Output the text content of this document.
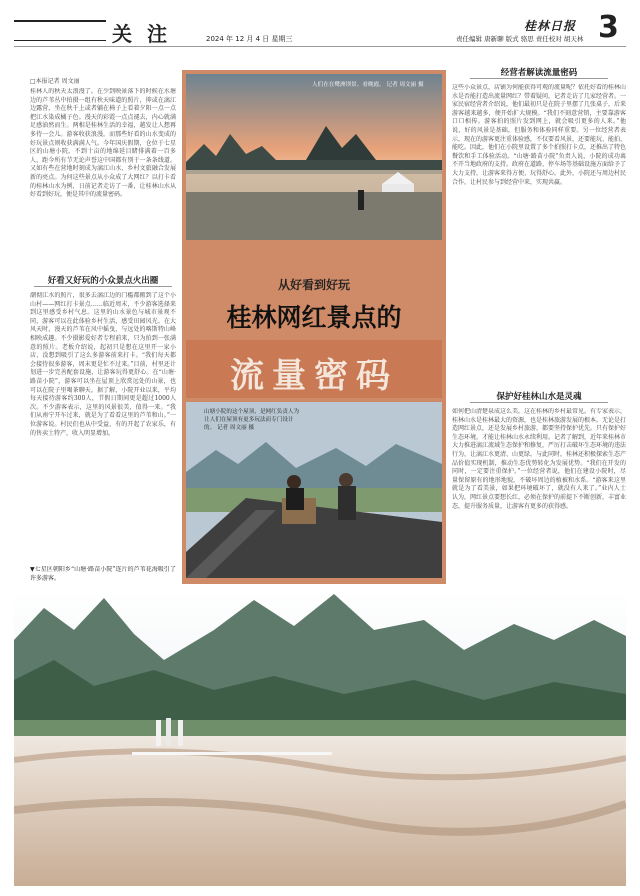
关 注	2024 年 12 月 4 日 星期三	责任编辑 唐新聊 版式 骆思 责任校对 胡天林
桂林日报 3
□本报记者 周文丽
桂林人的秋天太浪漫了。在少到映景落下的时候在水塘边的芦苇丛中拍摄一组有秋天味道的照片，抑或在漓江边露营，坐在秋千上或者躺在椅子上看着夕阳一点一点把江水染成橘子色。漫天的彩霞一点点褪去，内心就满足感油然而生。两相是桂林生活的幸福，越发让人想再多待一会儿。游客收获浪漫，而那些好看的山水变成的好玩景点则收获满满人气。今年国庆假期，仓位于七星区的山塘小院，不到十亩的地绵延目睹排满着一百多人，距今所有节无论声誉这中国都有别于一条条线道。又如有些在营地时刻成为漓江山水、乡村文旅融合发展新的亮点。为何这些景点从小众成了大网红？以打卡看的桂林山水为例，日前记者走访了一番，让桂林山水从好看到好玩，便是其中的流量密码。
好看又好玩的小众景点火出圈
潮彻江水的照片，很多去漓江边的门槛都搬到了这个小山村——网红打卡景点……临近周末，不少游客选择来到这里感受乡村气息。这里的山水景色与城市景观不同，游客可以在此体验乡村生活，感受田园风光。在大风天时，漫天的芦苇在风中摇曳，与远处的喀斯特山峰相映成趣。不少摄影爱好者专程前来，只为拍到一张满意的照片。老板介绍说，起初只是想在这里开一家小店，没想到吸引了这么多游客前来打卡。“我们每天都会接待很多游客，周末更是忙不过来。”目前，村里还计划进一步完善配套设施，让游客玩得更舒心。在“山塘·路苗小院”，游客可以坐在屋顶上欣赏远处的山景，也可以在院子里喝茶聊天。据了解，小院开业以来，平均每天接待游客约300人，节假日期间更是超过1000人次。不少游客表示，这里的风景很美，值得一来。“我们从南宁开车过来，就是为了看看这里的芦苇和山。”一位游客说。村民们也从中受益，有的开起了农家乐，有的售卖土特产，收入明显增加。
▼七星区朝阳乡“山塘·路苗小院”连片的芦苇花海吸引了许多游客。
经营者解读流量密码
这些小众景点，店铺为何能获得可观的流量呢？依托好看的桂林山水是否能打造出流量网红？带着疑问，记者走访了几家经营者。一家民宿经营者介绍说，他们最初只是在院子里摆了几张桌子，后来游客越来越多，便开始扩大规模。“我们不刻意营销，主要靠游客口口相传。游客拍的照片发到网上，就会吸引更多的人来。”他说，好的风景是基础，但服务和体验同样重要。另一位经营者表示，现在的游客更注重体验感，不仅要看风景，还要能玩、能拍、能吃。因此，他们在小院里设置了多个拍照打卡点，还推出了特色餐饮和手工体验活动。“山塘·路苗小院”负责人说，小院的成功离不开当地政府的支持。政府在道路、停车场等基础设施方面给予了大力支持，让游客来得方便、玩得舒心。此外，小院还与周边村民合作，让村民参与到经营中来，实现共赢。
保护好桂林山水是灵魂
如何把山清楚泉成这么美，这在桂林的乡村最常见。有专家表示，桂林山水是桂林最大的资源，也是桂林旅游发展的根本。无论是打造网红景点，还是发展乡村旅游，都要坚持保护优先。只有保护好生态环境，才能让桂林山水永续利用。记者了解到，近年来桂林市大力推进漓江流域生态保护和修复，严厉打击破坏生态环境的违法行为，让漓江水更清、山更绿。与此同时，桂林还积极探索生态产品价值实现机制，推动生态优势转化为发展优势。“我们在开发的同时，一定要注重保护。”一位经营者说，他们在建设小院时，尽量保留原有的地形地貌，不破坏周边的植被和水系。“游客来这里就是为了看美景，如果把环境破坏了，就没有人来了。”业内人士认为，网红景点要想长红，必须在保护的前提下不断创新，丰富业态，提升服务质量，让游客有更多的获得感。
人们在在鹭洲坝景、看晚霞。 记者 周文丽 摄
从好看到好玩
桂林网红景点的
流量密码
山塘小院的这个屋顶，是网红负责人为让人们在屋顶有更多玩法而专门设计的。 记者 周文丽 摄
